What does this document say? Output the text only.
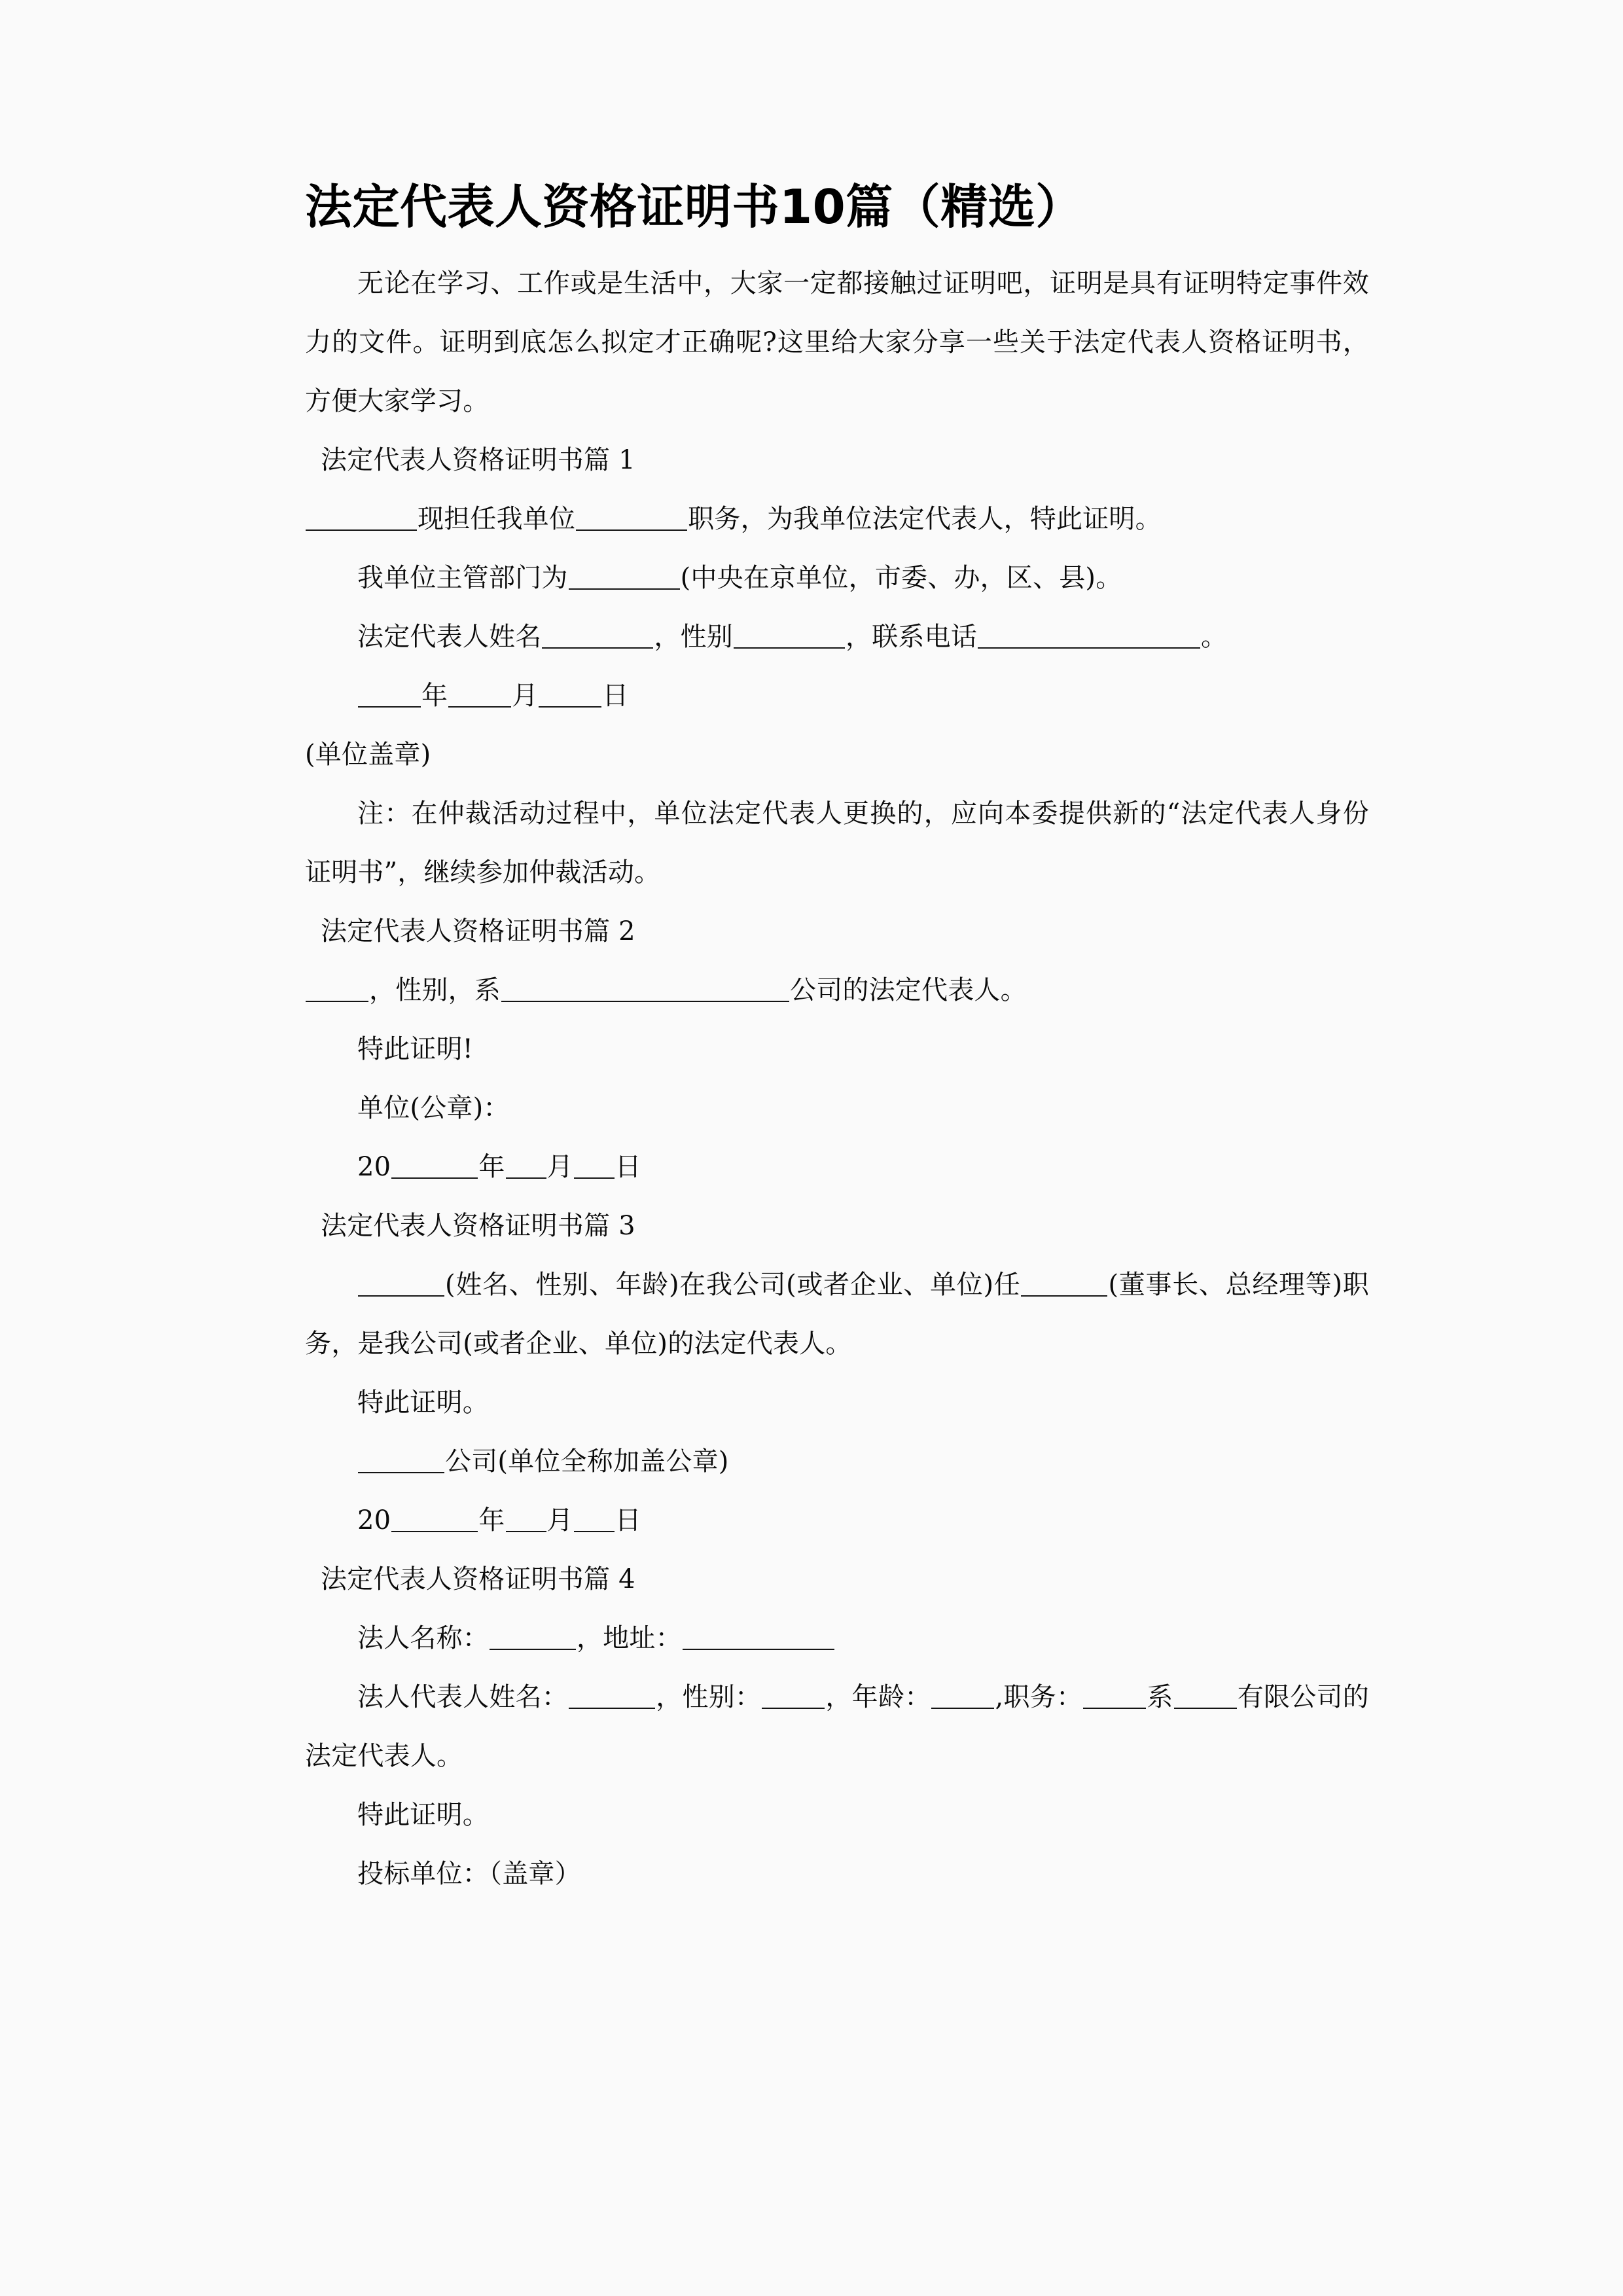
法定代表人资格证明书10篇（精选）

无论在学习、工作或是生活中，大家一定都接触过证明吧，证明是具有证明特定事件效力的文件。证明到底怎么拟定才正确呢?这里给大家分享一些关于法定代表人资格证明书，方便大家学习。

法定代表人资格证明书篇 1

现担任我单位	职务，为我单位法定代表人，特此证明。

我单位主管部门为	(中央在京单位，市委、办，区、县)。

法定代表人姓名	，性别	，联系电话	。

年 月 日

(单位盖章)

注：在仲裁活动过程中，单位法定代表人更换的，应向本委提供新的“法定代表人身份证明书”，继续参加仲裁活动。

法定代表人资格证明书篇 2

，性别，系	公司的法定代表人。

特此证明!

单位(公章)：

20	年 月 日

法定代表人资格证明书篇 3

(姓名、性别、年龄)在我公司(或者企业、单位)任	(董事长、总经理等)职务，是我公司(或者企业、单位)的法定代表人。

特此证明。

公司(单位全称加盖公章)

20	年 月 日

法定代表人资格证明书篇 4

法人名称：	，地址：

法人代表人姓名：	，性别： ，年龄： ,职务： 系 有限公司的法定代表人。

特此证明。

投标单位：（盖章）
